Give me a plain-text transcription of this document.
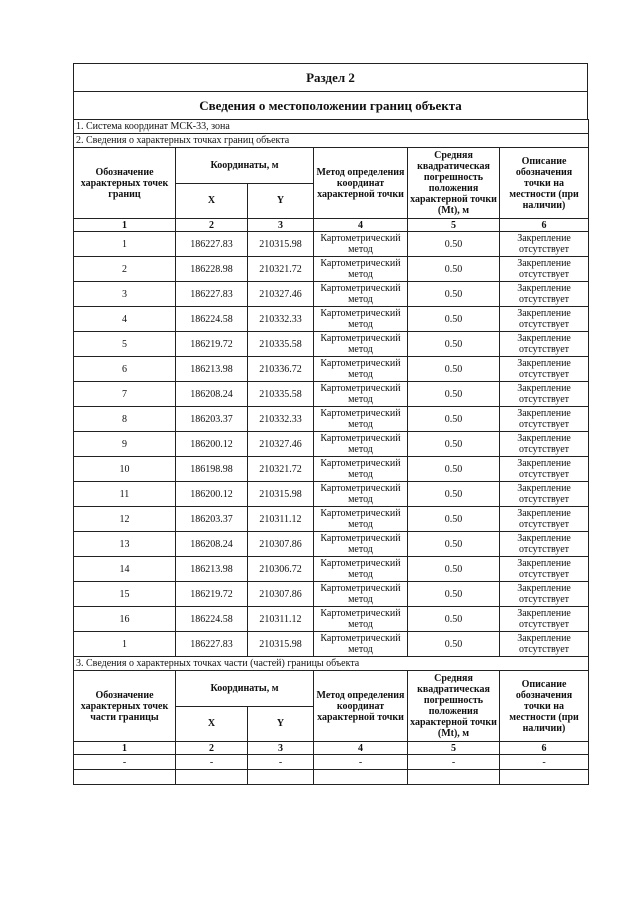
Раздел 2
Сведения о местоположении границ объекта
1. Система координат МСК-33, зона					
2. Сведения о характерных точках границ объекта					
Обозначение характерных точек границ	Координаты, м		Метод определения координат характерной точки	Средняя квадратическая погрешность положения характерной точки (Mt), м	Описание обозначения точки на местности (при наличии)
	X	Y			
1	2	3	4	5	6
1	186227.83	210315.98	Картометрический метод	0.50	Закрепление отсутствует
2	186228.98	210321.72	Картометрический метод	0.50	Закрепление отсутствует
3	186227.83	210327.46	Картометрический метод	0.50	Закрепление отсутствует
4	186224.58	210332.33	Картометрический метод	0.50	Закрепление отсутствует
5	186219.72	210335.58	Картометрический метод	0.50	Закрепление отсутствует
6	186213.98	210336.72	Картометрический метод	0.50	Закрепление отсутствует
7	186208.24	210335.58	Картометрический метод	0.50	Закрепление отсутствует
8	186203.37	210332.33	Картометрический метод	0.50	Закрепление отсутствует
9	186200.12	210327.46	Картометрический метод	0.50	Закрепление отсутствует
10	186198.98	210321.72	Картометрический метод	0.50	Закрепление отсутствует
11	186200.12	210315.98	Картометрический метод	0.50	Закрепление отсутствует
12	186203.37	210311.12	Картометрический метод	0.50	Закрепление отсутствует
13	186208.24	210307.86	Картометрический метод	0.50	Закрепление отсутствует
14	186213.98	210306.72	Картометрический метод	0.50	Закрепление отсутствует
15	186219.72	210307.86	Картометрический метод	0.50	Закрепление отсутствует
16	186224.58	210311.12	Картометрический метод	0.50	Закрепление отсутствует
1	186227.83	210315.98	Картометрический метод	0.50	Закрепление отсутствует
3. Сведения о характерных точках части (частей) границы объекта					
Обозначение характерных точек части границы	Координаты, м		Метод определения координат характерной точки	Средняя квадратическая погрешность положения характерной точки (Mt), м	Описание обозначения точки на местности (при наличии)
	X	Y			
1	2	3	4	5	6
-	-	-	-	-	-
